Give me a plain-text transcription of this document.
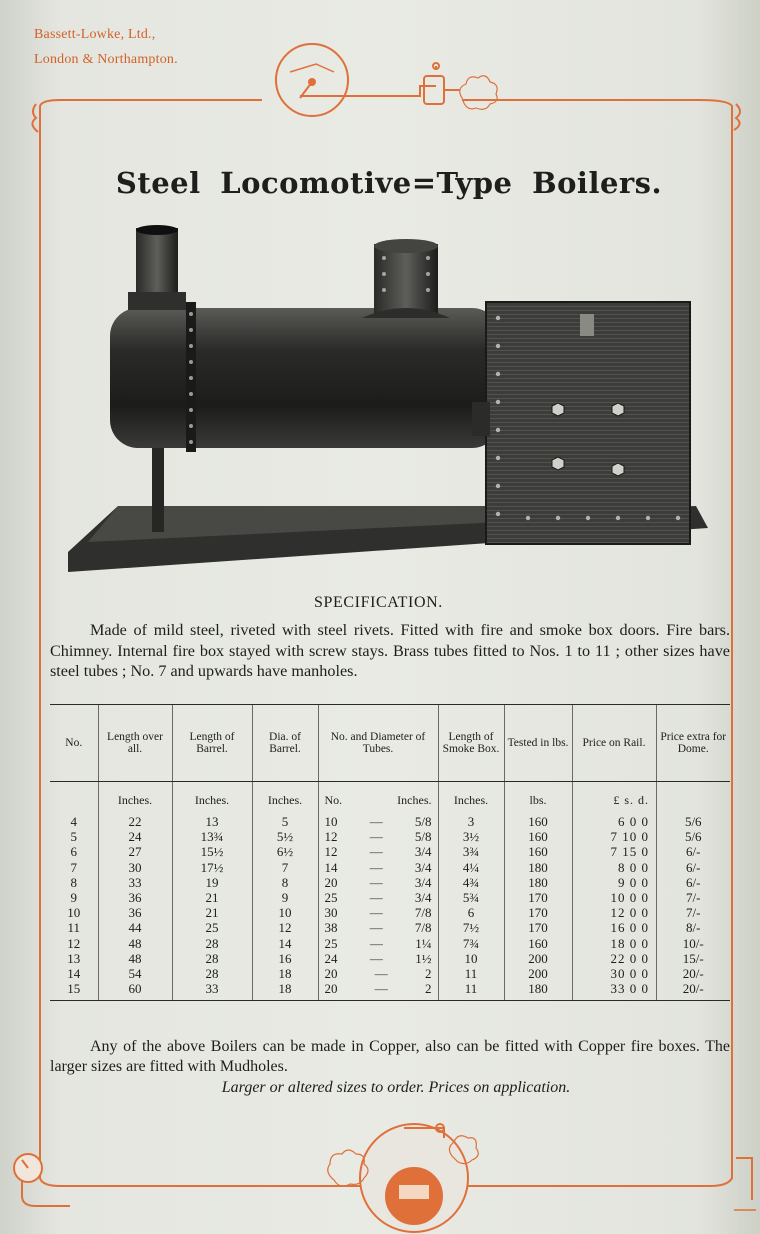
Bassett-Lowke, Ltd.,
London & Northampton.
Steel Locomotive=Type Boilers.
SPECIFICATION.
Made of mild steel, riveted with steel rivets. Fitted with fire and smoke box doors. Fire bars. Chimney. Internal fire box stayed with screw stays. Brass tubes fitted to Nos. 1 to 11 ; other sizes have steel tubes ; No. 7 and upwards have manholes.
No.	Length over all.	Length of Barrel.	Dia. of Barrel.	No. and Diameter of Tubes.	Length of Smoke Box.	Tested in lbs.	Price on Rail.	Price extra for Dome.
	Inches.	Inches.	Inches.	No. Inches.	Inches.	lbs.	£ s. d.	
4	22	13	5	10 — 5/8	3	160	6 0 0	5/6
5	24	13¾	5½	12 — 5/8	3½	160	7 10 0	5/6
6	27	15½	6½	12 — 3/4	3¾	160	7 15 0	6/-
7	30	17½	7	14 — 3/4	4¼	180	8 0 0	6/-
8	33	19	8	20 — 3/4	4¾	180	9 0 0	6/-
9	36	21	9	25 — 3/4	5¾	170	10 0 0	7/-
10	36	21	10	30 — 7/8	6	170	12 0 0	7/-
11	44	25	12	38 — 7/8	7½	170	16 0 0	8/-
12	48	28	14	25 — 1¼	7¾	160	18 0 0	10/-
13	48	28	16	24 — 1½	10	200	22 0 0	15/-
14	54	28	18	20 — 2	11	200	30 0 0	20/-
15	60	33	18	20 — 2	11	180	33 0 0	20/-
Any of the above Boilers can be made in Copper, also can be fitted with Copper fire boxes. The larger sizes are fitted with Mudholes.
Larger or altered sizes to order. Prices on application.
